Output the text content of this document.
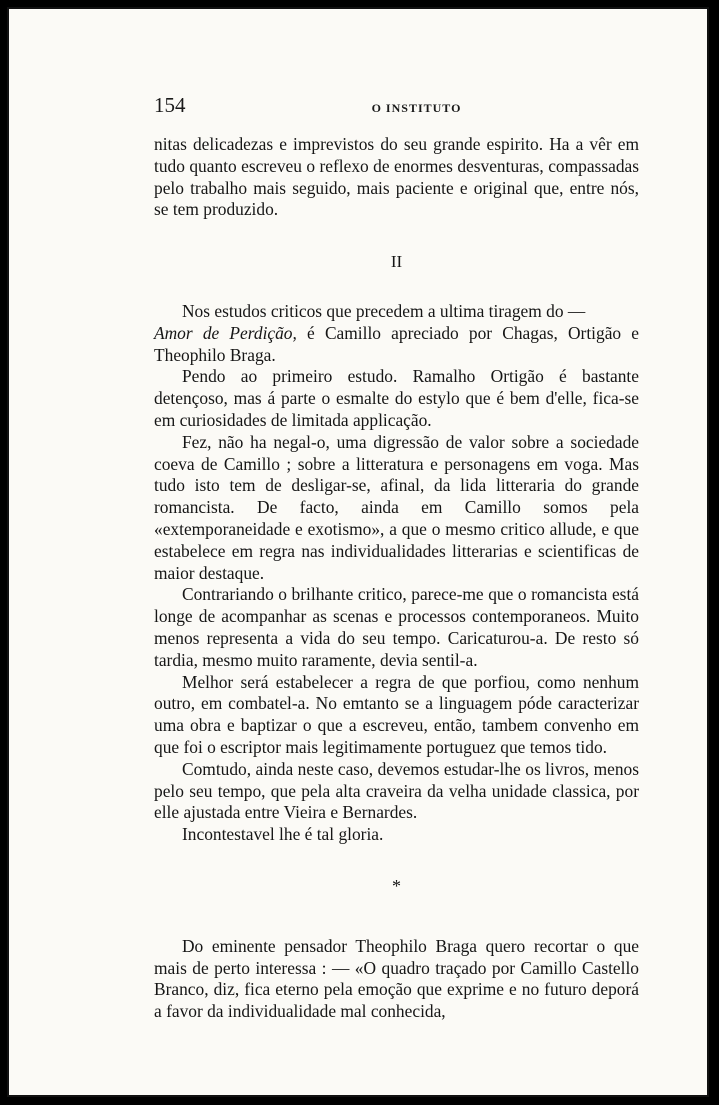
154	O INSTITUTO

nitas delicadezas e imprevistos do seu grande espirito. Ha a vêr em tudo quanto escreveu o reflexo de enormes desventuras, compassadas pelo trabalho mais seguido, mais paciente e original que, entre nós, se tem produzido.

II

Nos estudos criticos que precedem a ultima tiragem do —
Amor de Perdição, é Camillo apreciado por Chagas, Ortigão e Theophilo Braga.

Pendo ao primeiro estudo. Ramalho Ortigão é bastante detençoso, mas á parte o esmalte do estylo que é bem d'elle, fica-se em curiosidades de limitada applicação.

Fez, não ha negal-o, uma digressão de valor sobre a sociedade coeva de Camillo ; sobre a litteratura e personagens em voga. Mas tudo isto tem de desligar-se, afinal, da lida litteraria do grande romancista. De facto, ainda em Camillo somos pela «extemporaneidade e exotismo», a que o mesmo critico allude, e que estabelece em regra nas individualidades litterarias e scientificas de maior destaque.

Contrariando o brilhante critico, parece-me que o romancista está longe de acompanhar as scenas e processos contemporaneos. Muito menos representa a vida do seu tempo. Caricaturou-a. De resto só tardia, mesmo muito raramente, devia sentil-a.

Melhor será estabelecer a regra de que porfiou, como nenhum outro, em combatel-a. No emtanto se a linguagem póde caracterizar uma obra e baptizar o que a escreveu, então, tambem convenho em que foi o escriptor mais legitimamente portuguez que temos tido.

Comtudo, ainda neste caso, devemos estudar-lhe os livros, menos pelo seu tempo, que pela alta craveira da velha unidade classica, por elle ajustada entre Vieira e Bernardes.

Incontestavel lhe é tal gloria.

*

Do eminente pensador Theophilo Braga quero recortar o que mais de perto interessa : — «O quadro traçado por Camillo Castello Branco, diz, fica eterno pela emoção que exprime e no futuro deporá a favor da individualidade mal conhecida,
